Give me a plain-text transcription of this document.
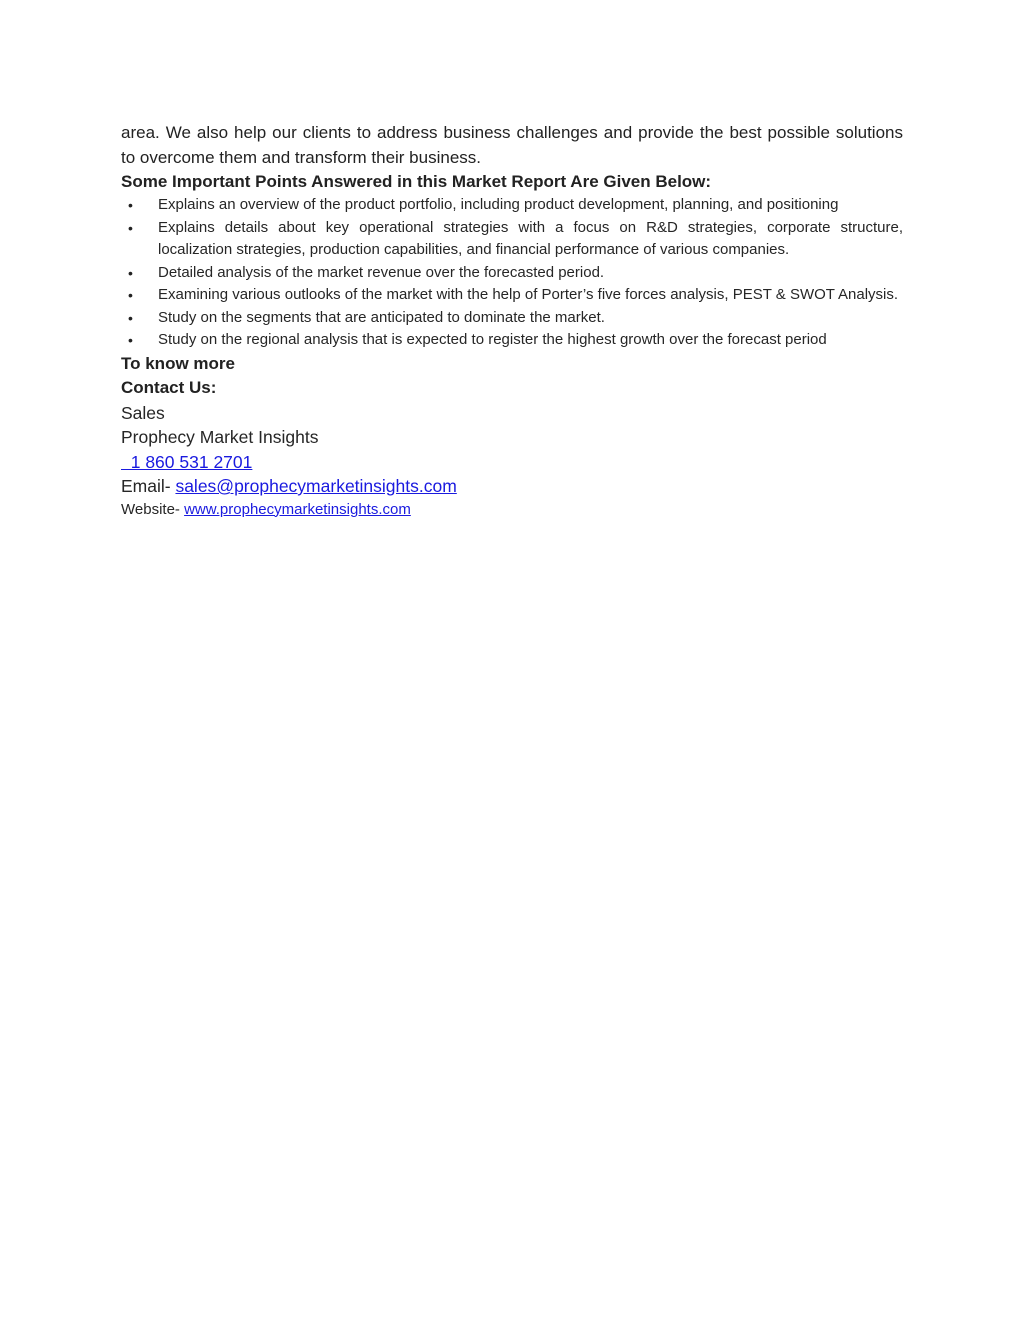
area. We also help our clients to address business challenges and provide the best possible solutions to overcome them and transform their business.

Some Important Points Answered in this Market Report Are Given Below:

• Explains an overview of the product portfolio, including product development, planning, and positioning
• Explains details about key operational strategies with a focus on R&D strategies, corporate structure, localization strategies, production capabilities, and financial performance of various companies.
• Detailed analysis of the market revenue over the forecasted period.
• Examining various outlooks of the market with the help of Porter’s five forces analysis, PEST & SWOT Analysis.
• Study on the segments that are anticipated to dominate the market.
• Study on the regional analysis that is expected to register the highest growth over the forecast period

To know more

Contact Us:

Sales

Prophecy Market Insights

1 860 531 2701

Email- sales@prophecymarketinsights.com

Website- www.prophecymarketinsights.com
